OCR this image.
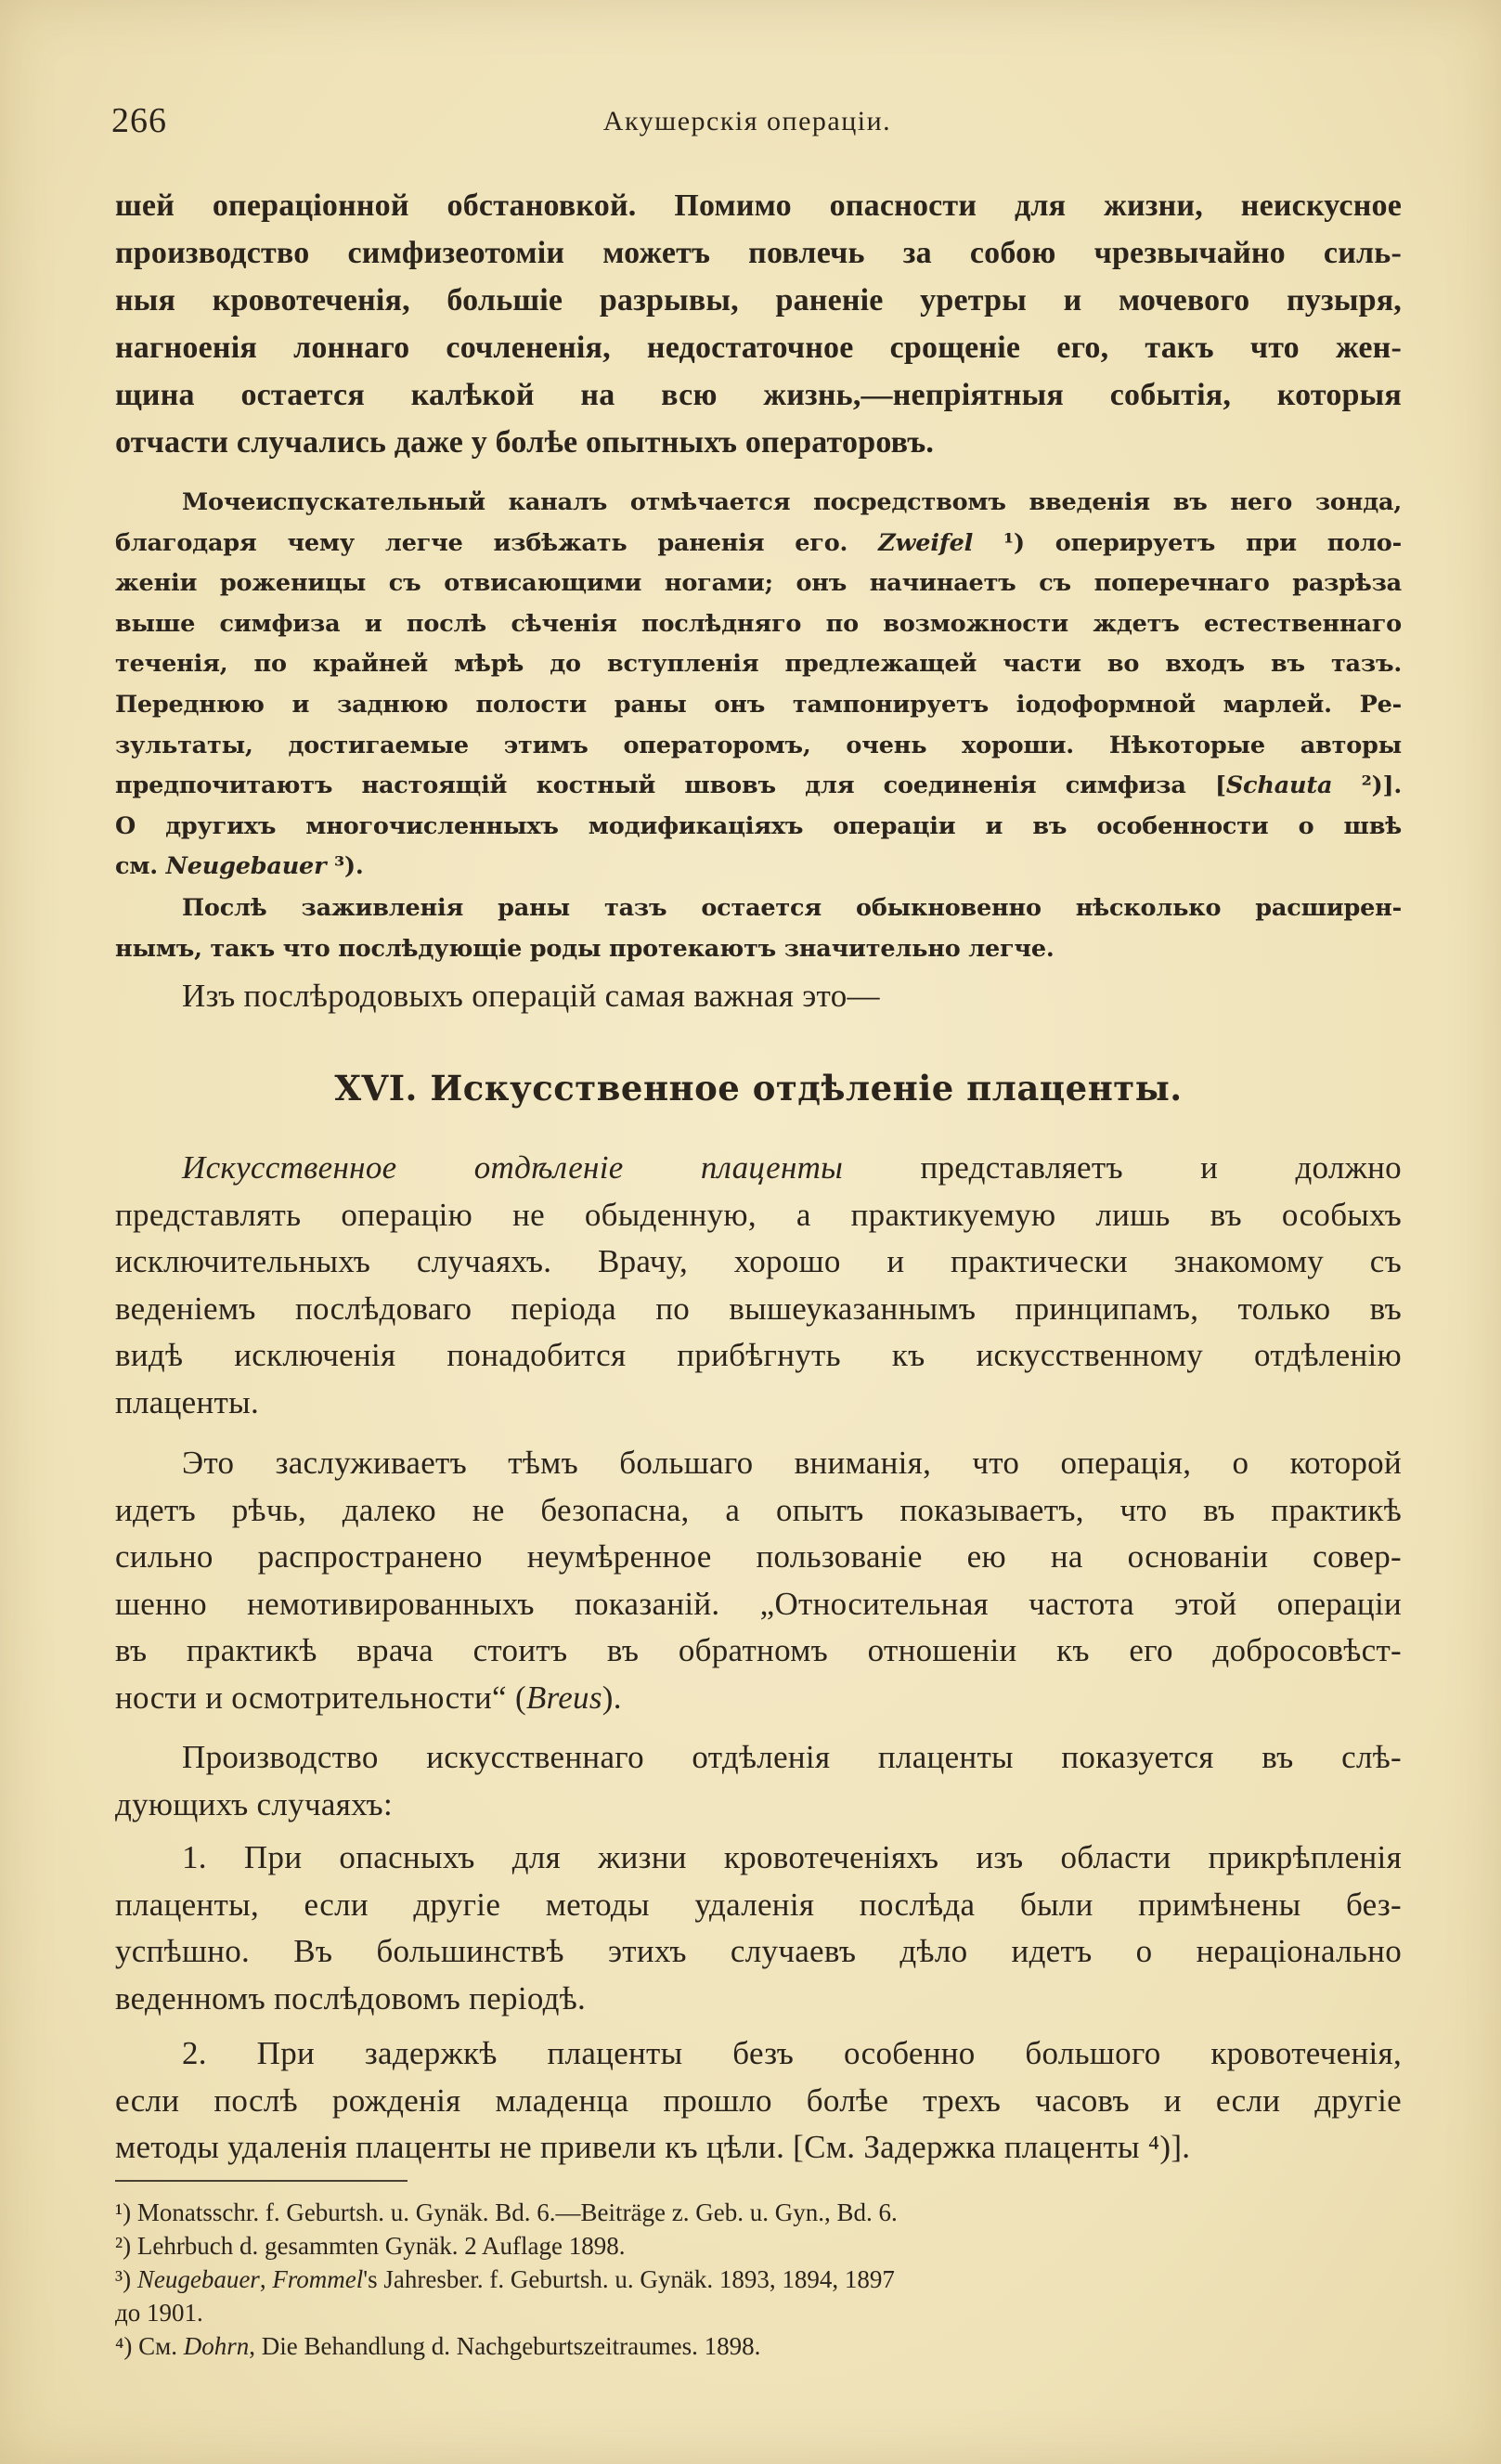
266	Акушерскія операціи.
шей операціонной обстановкой. Помимо опасности для жизни, неискусное
производство симфизеотоміи можетъ повлечь за собою чрезвычайно силь-
ныя кровотеченія, большіе разрывы, раненіе уретры и мочевого пузыря,
нагноенія лоннаго сочлененія, недостаточное срощеніе его, такъ что жен-
щина остается калѣкой на всю жизнь,—непріятныя событія, которыя
отчасти случались даже у болѣе опытныхъ операторовъ.
Мочеиспускательный каналъ отмѣчается посредствомъ введенія въ него зонда,
благодаря чему легче избѣжать раненія его. Zweifel ¹) оперируетъ при поло-
женіи роженицы съ отвисающими ногами; онъ начинаетъ съ поперечнаго разрѣза
выше симфиза и послѣ сѣченія послѣдняго по возможности ждетъ естественнаго
теченія, по крайней мѣрѣ до вступленія предлежащей части во входъ въ тазъ.
Переднюю и заднюю полости раны онъ тампонируетъ іодоформной марлей. Ре-
зультаты, достигаемые этимъ операторомъ, очень хороши. Нѣкоторые авторы
предпочитаютъ настоящій костный швовъ для соединенія симфиза [Schauta ²)].
О другихъ многочисленныхъ модификаціяхъ операціи и въ особенности о швѣ
см. Neugebauer ³).
Послѣ заживленія раны тазъ остается обыкновенно нѣсколько расширен-
нымъ, такъ что послѣдующіе роды протекаютъ значительно легче.
Изъ послѣродовыхъ операцій самая важная это—
XVI. Искусственное отдѣленіе плаценты.
Искусственное отдѣленіе плаценты представляетъ и должно
представлять операцію не обыденную, а практикуемую лишь въ особыхъ
исключительныхъ случаяхъ. Врачу, хорошо и практически знакомому съ
веденіемъ послѣдоваго періода по вышеуказаннымъ принципамъ, только въ
видѣ исключенія понадобится прибѣгнуть къ искусственному отдѣленію
плаценты.
Это заслуживаетъ тѣмъ большаго вниманія, что операція, о которой
идетъ рѣчь, далеко не безопасна, а опытъ показываетъ, что въ практикѣ
сильно распространено неумѣренное пользованіе ею на основаніи совер-
шенно немотивированныхъ показаній. „Относительная частота этой операціи
въ практикѣ врача стоитъ въ обратномъ отношеніи къ его добросовѣст-
ности и осмотрительности“ (Breus).
Производство искусственнаго отдѣленія плаценты показуется въ слѣ-
дующихъ случаяхъ:
1. При опасныхъ для жизни кровотеченіяхъ изъ области прикрѣпленія
плаценты, если другіе методы удаленія послѣда были примѣнены без-
успѣшно. Въ большинствѣ этихъ случаевъ дѣло идетъ о нераціонально
веденномъ послѣдовомъ періодѣ.
2. При задержкѣ плаценты безъ особенно большого кровотеченія,
если послѣ рожденія младенца прошло болѣе трехъ часовъ и если другіе
методы удаленія плаценты не привели къ цѣли. [См. Задержка плаценты ⁴)].
¹) Monatsschr. f. Geburtsh. u. Gynäk. Bd. 6.—Beiträge z. Geb. u. Gyn., Bd. 6.
²) Lehrbuch d. gesammten Gynäk. 2 Auflage 1898.
³) Neugebauer, Frommel's Jahresber. f. Geburtsh. u. Gynäk. 1893, 1894, 1897
до 1901.
⁴) См. Dohrn, Die Behandlung d. Nachgeburtszeitraumes. 1898.
